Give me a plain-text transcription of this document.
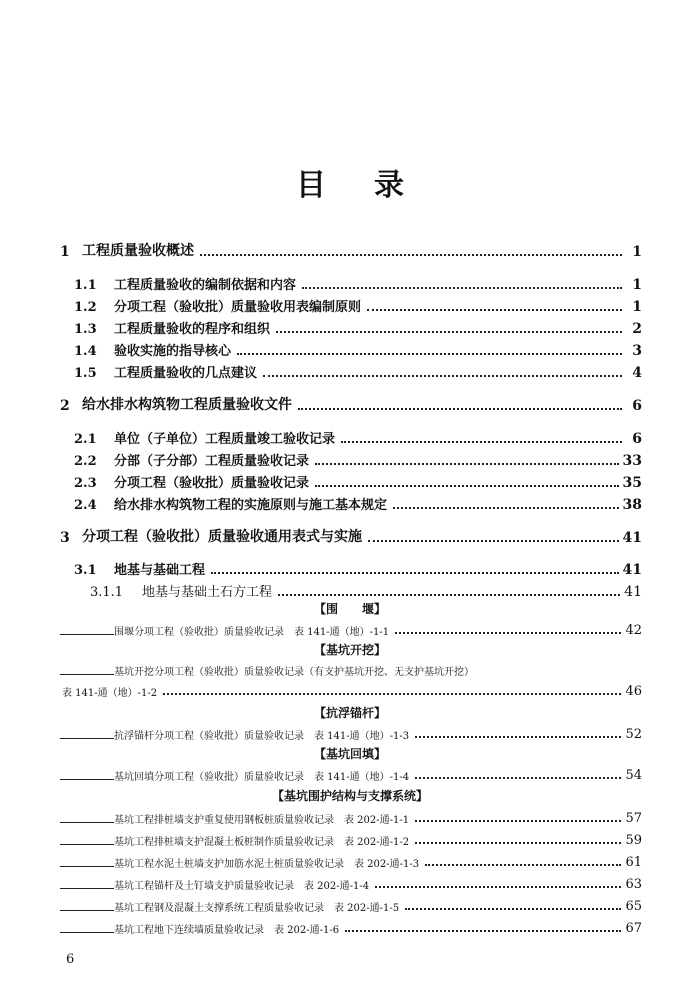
目 录
1 工程质量验收概述	1
1.1	工程质量验收的编制依据和内容	1
1.2	分项工程（验收批）质量验收用表编制原则	1
1.3	工程质量验收的程序和组织	2
1.4	验收实施的指导核心	3
1.5	工程质量验收的几点建议	4
2 给水排水构筑物工程质量验收文件	6
2.1	单位（子单位）工程质量竣工验收记录	6
2.2	分部（子分部）工程质量验收记录	33
2.3	分项工程（验收批）质量验收记录	35
2.4	给水排水构筑物工程的实施原则与施工基本规定	38
3 分项工程（验收批）质量验收通用表式与实施	41
3.1	地基与基础工程	41
3.1.1	地基与基础土石方工程	41
【围　　堰】
围堰分项工程（验收批）质量验收记录　表 141-通（地）-1-1	42
【基坑开挖】
基坑开挖分项工程（验收批）质量验收记录（有支护基坑开挖、无支护基坑开挖）
表 141-通（地）-1-2	46
【抗浮锚杆】
抗浮锚杆分项工程（验收批）质量验收记录　表 141-通（地）-1-3	52
【基坑回填】
基坑回填分项工程（验收批）质量验收记录　表 141-通（地）-1-4	54
【基坑围护结构与支撑系统】
基坑工程排桩墙支护重复使用钢板桩质量验收记录　表 202-通-1-1	57
基坑工程排桩墙支护混凝土板桩制作质量验收记录　表 202-通-1-2	59
基坑工程水泥土桩墙支护加筋水泥土桩质量验收记录　表 202-通-1-3	61
基坑工程锚杆及土钉墙支护质量验收记录　表 202-通-1-4	63
基坑工程钢及混凝土支撑系统工程质量验收记录　表 202-通-1-5	65
基坑工程地下连续墙质量验收记录　表 202-通-1-6	67
6
